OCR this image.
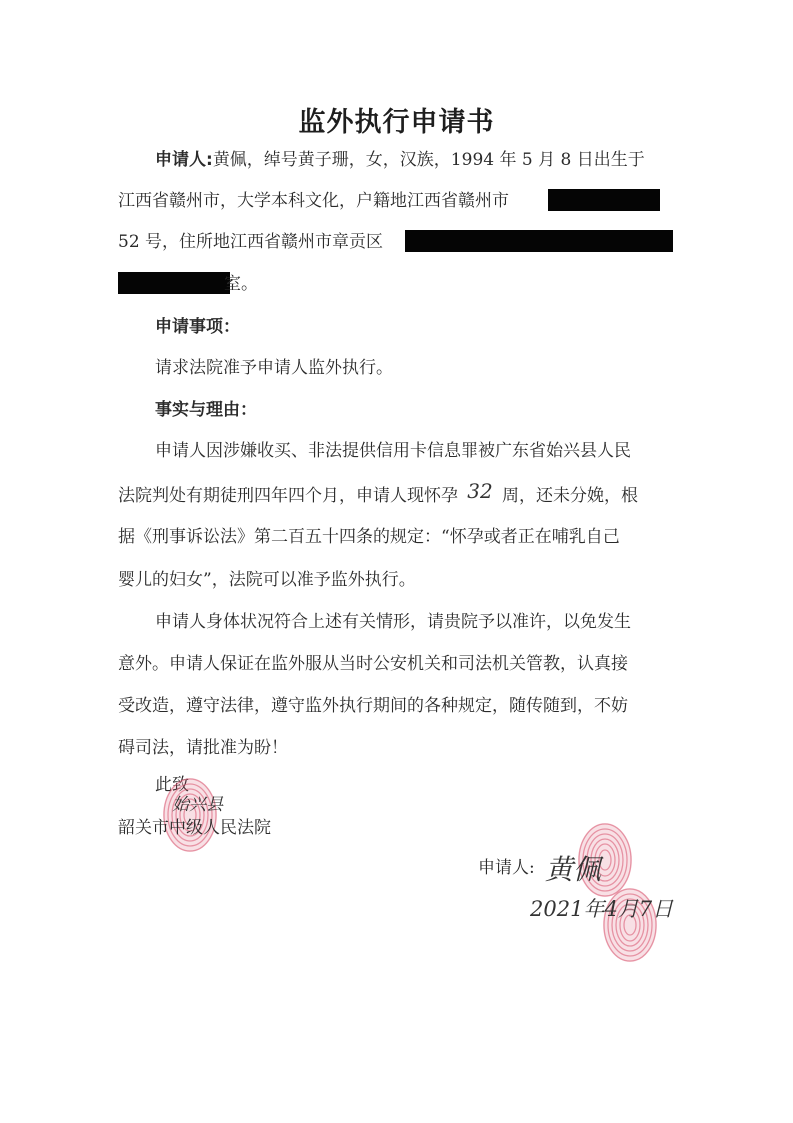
监外执行申请书
申请人:黄佩，绰号黄子珊，女，汉族，1994 年 5 月 8 日出生于
江西省赣州市，大学本科文化，户籍地江西省赣州市
52 号，住所地江西省赣州市章贡区
室。
申请事项：
请求法院准予申请人监外执行。
事实与理由：
申请人因涉嫌收买、非法提供信用卡信息罪被广东省始兴县人民
法院判处有期徒刑四年四个月，申请人现怀孕 32 周，还未分娩，根
据《刑事诉讼法》第二百五十四条的规定：“怀孕或者正在哺乳自己
婴儿的妇女”，法院可以准予监外执行。
申请人身体状况符合上述有关情形，请贵院予以准许，以免发生
意外。申请人保证在监外服从当时公安机关和司法机关管教，认真接
受改造，遵守法律，遵守监外执行期间的各种规定，随传随到，不妨
碍司法，请批准为盼！
此致
始兴县
韶关市中级人民法院
申请人: 黄佩
2021年4月7日
